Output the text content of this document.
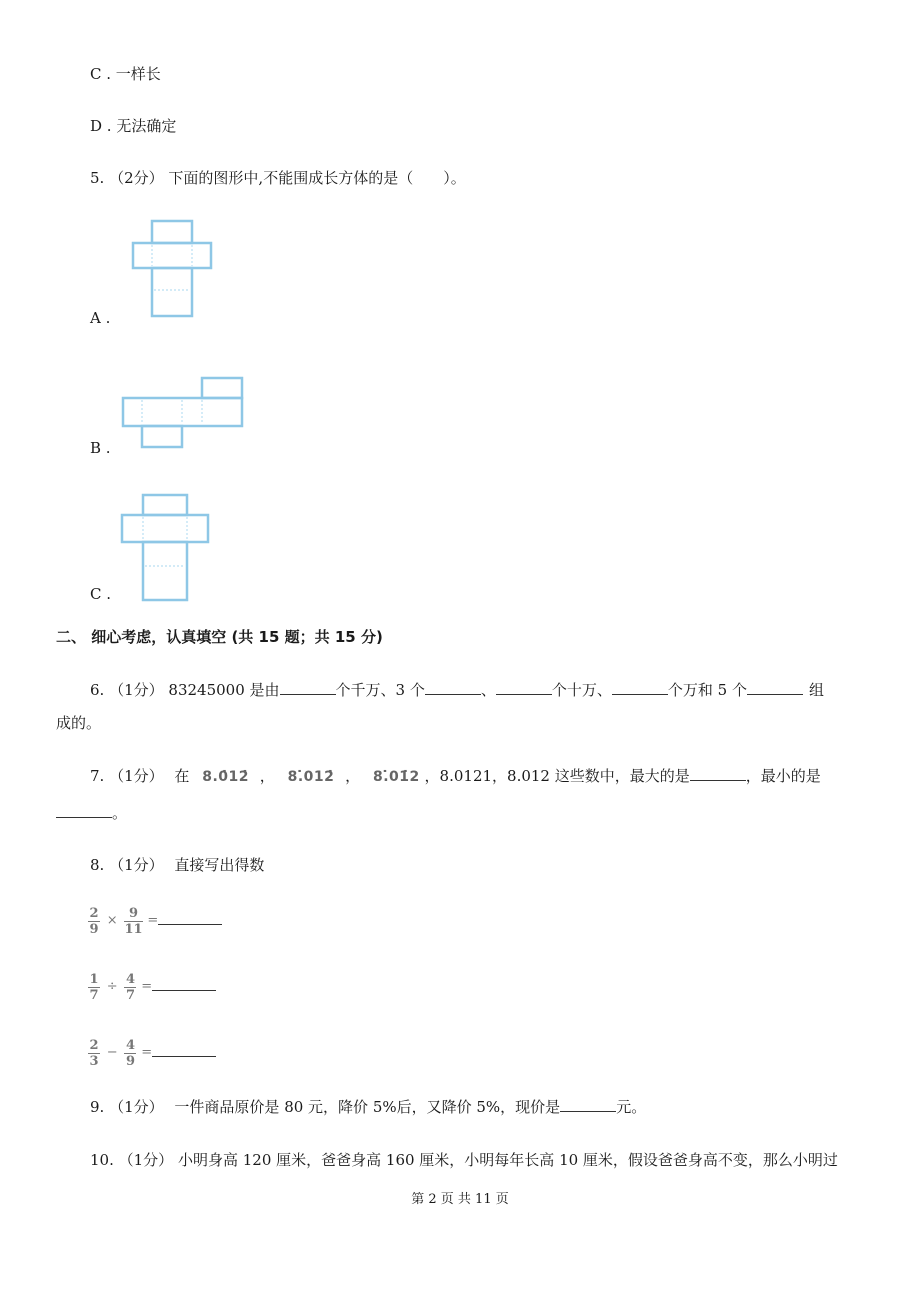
C . 一样长
D . 无法确定
5. （2分） 下面的图形中,不能围成长方体的是（　　）。
A .
B .
C .
二、 细心考虑，认真填空 (共 15 题；共 15 分)
6. （1分） 83245000 是由	个千万、3 个	、	个十万、	个万和 5 个	组
成的。
7. （1分） 在 8.0̇12̇ ， 8.̇012̇ ， 8.̇01̇2 ，8.0121，8.012 这些数中，最大的是	，最小的是
。
8. （1分） 直接写出得数
$\frac{2}{9} \times \frac{9}{11}$ =
$\frac{1}{7} \div \frac{4}{7}$ =
$\frac{2}{3} - \frac{4}{9}$ =
9. （1分） 一件商品原价是 80 元，降价 5%后，又降价 5%，现价是	元。
10. （1分） 小明身高 120 厘米，爸爸身高 160 厘米，小明每年长高 10 厘米，假设爸爸身高不变，那么小明过
第 2 页 共 11 页
